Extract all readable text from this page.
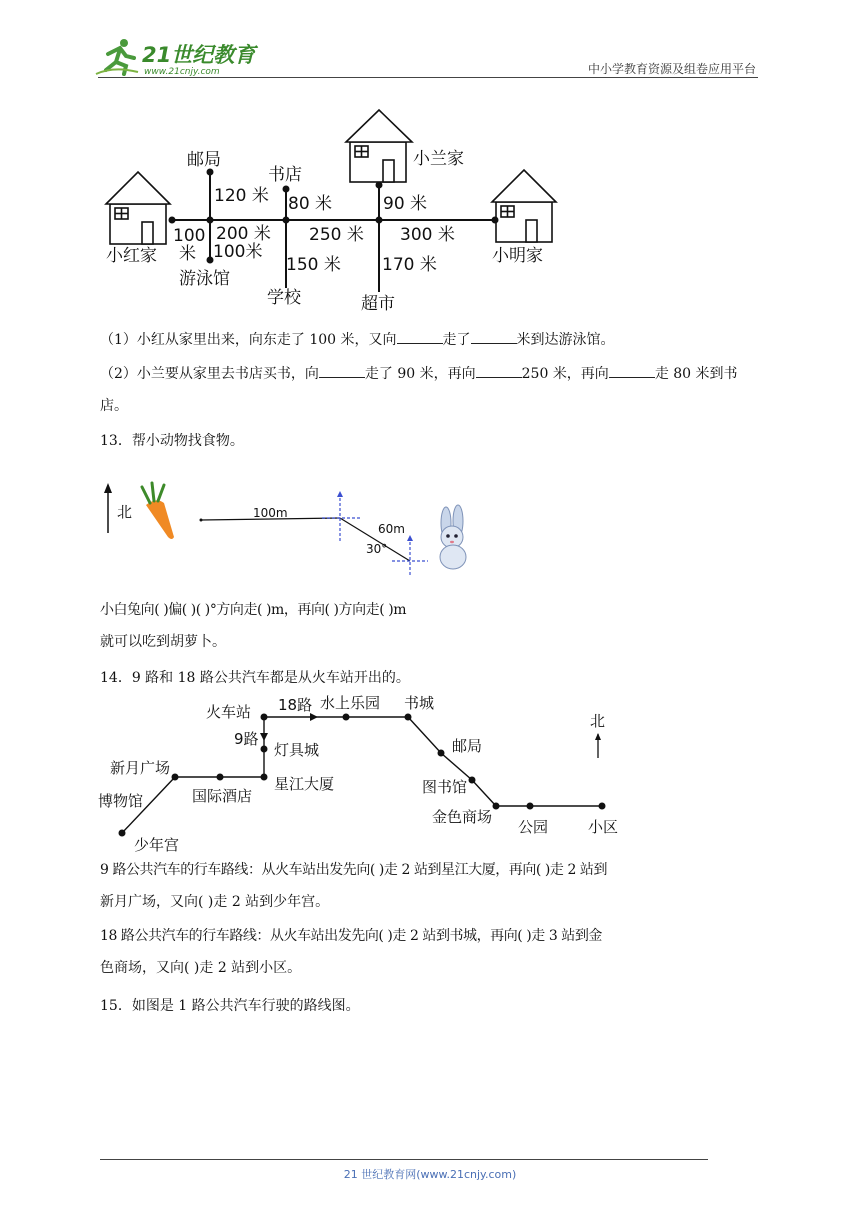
21世纪教育
www.21cnjy.com	中小学教育资源及组卷应用平台
小红家
邮局
书店
小兰家
小明家
游泳馆
学校	超市
120 米 80 米	90 米
100
米
200 米
100米
250 米 300 米
150 米 170 米
（1）小红从家里出来，向东走了 100 米，又向	走了	米到达游泳馆。
（2）小兰要从家里去书店买书，向	走了 90 米，再向	250 米，再向	走 80 米到书
店。
13．帮小动物找食物。
北	100m
60m
30°
小白兔向( )偏( )( )°方向走( )m，再向( )方向走( )m
就可以吃到胡萝卜。
14．9 路和 18 路公共汽车都是从火车站开出的。
北
火车站 18路 水上乐园 书城
9路
灯具城	邮局
新月广场
博物馆	国际酒店
星江大厦	图书馆
金色商场
公园	小区
少年宫
9 路公共汽车的行车路线：从火车站出发先向( )走 2 站到星江大厦，再向( )走 2 站到
新月广场，又向( )走 2 站到少年宫。
18 路公共汽车的行车路线：从火车站出发先向( )走 2 站到书城，再向( )走 3 站到金
色商场，又向( )走 2 站到小区。
15．如图是 1 路公共汽车行驶的路线图。
21 世纪教育网(www.21cnjy.com)
